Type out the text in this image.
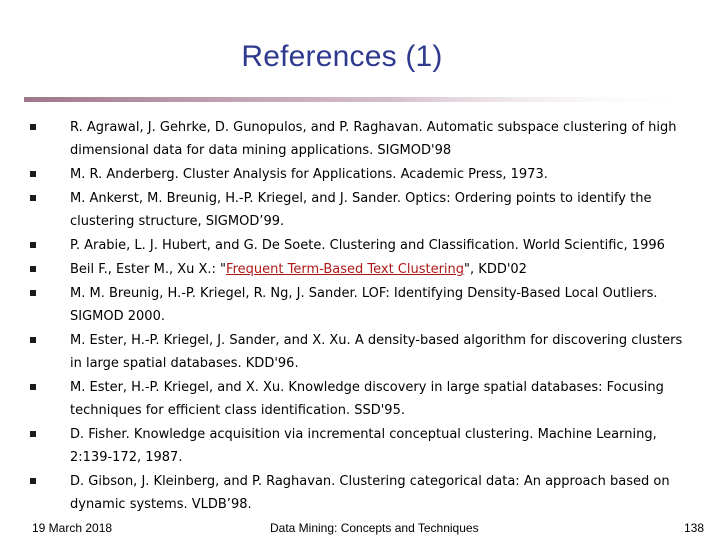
References (1)
R. Agrawal, J. Gehrke, D. Gunopulos, and P. Raghavan. Automatic subspace clustering of high dimensional data for data mining applications. SIGMOD'98
M. R. Anderberg. Cluster Analysis for Applications. Academic Press, 1973.
M. Ankerst, M. Breunig, H.-P. Kriegel, and J. Sander. Optics: Ordering points to identify the clustering structure, SIGMOD’99.
P. Arabie, L. J. Hubert, and G. De Soete. Clustering and Classification. World Scientific, 1996
Beil F., Ester M., Xu X.: "Frequent Term-Based Text Clustering", KDD'02
M. M. Breunig, H.-P. Kriegel, R. Ng, J. Sander. LOF: Identifying Density-Based Local Outliers. SIGMOD 2000.
M. Ester, H.-P. Kriegel, J. Sander, and X. Xu. A density-based algorithm for discovering clusters in large spatial databases. KDD'96.
M. Ester, H.-P. Kriegel, and X. Xu. Knowledge discovery in large spatial databases: Focusing techniques for efficient class identification. SSD'95.
D. Fisher. Knowledge acquisition via incremental conceptual clustering. Machine Learning, 2:139-172, 1987.
D. Gibson, J. Kleinberg, and P. Raghavan. Clustering categorical data: An approach based on dynamic systems. VLDB’98.
19 March 2018	Data Mining: Concepts and Techniques	138
